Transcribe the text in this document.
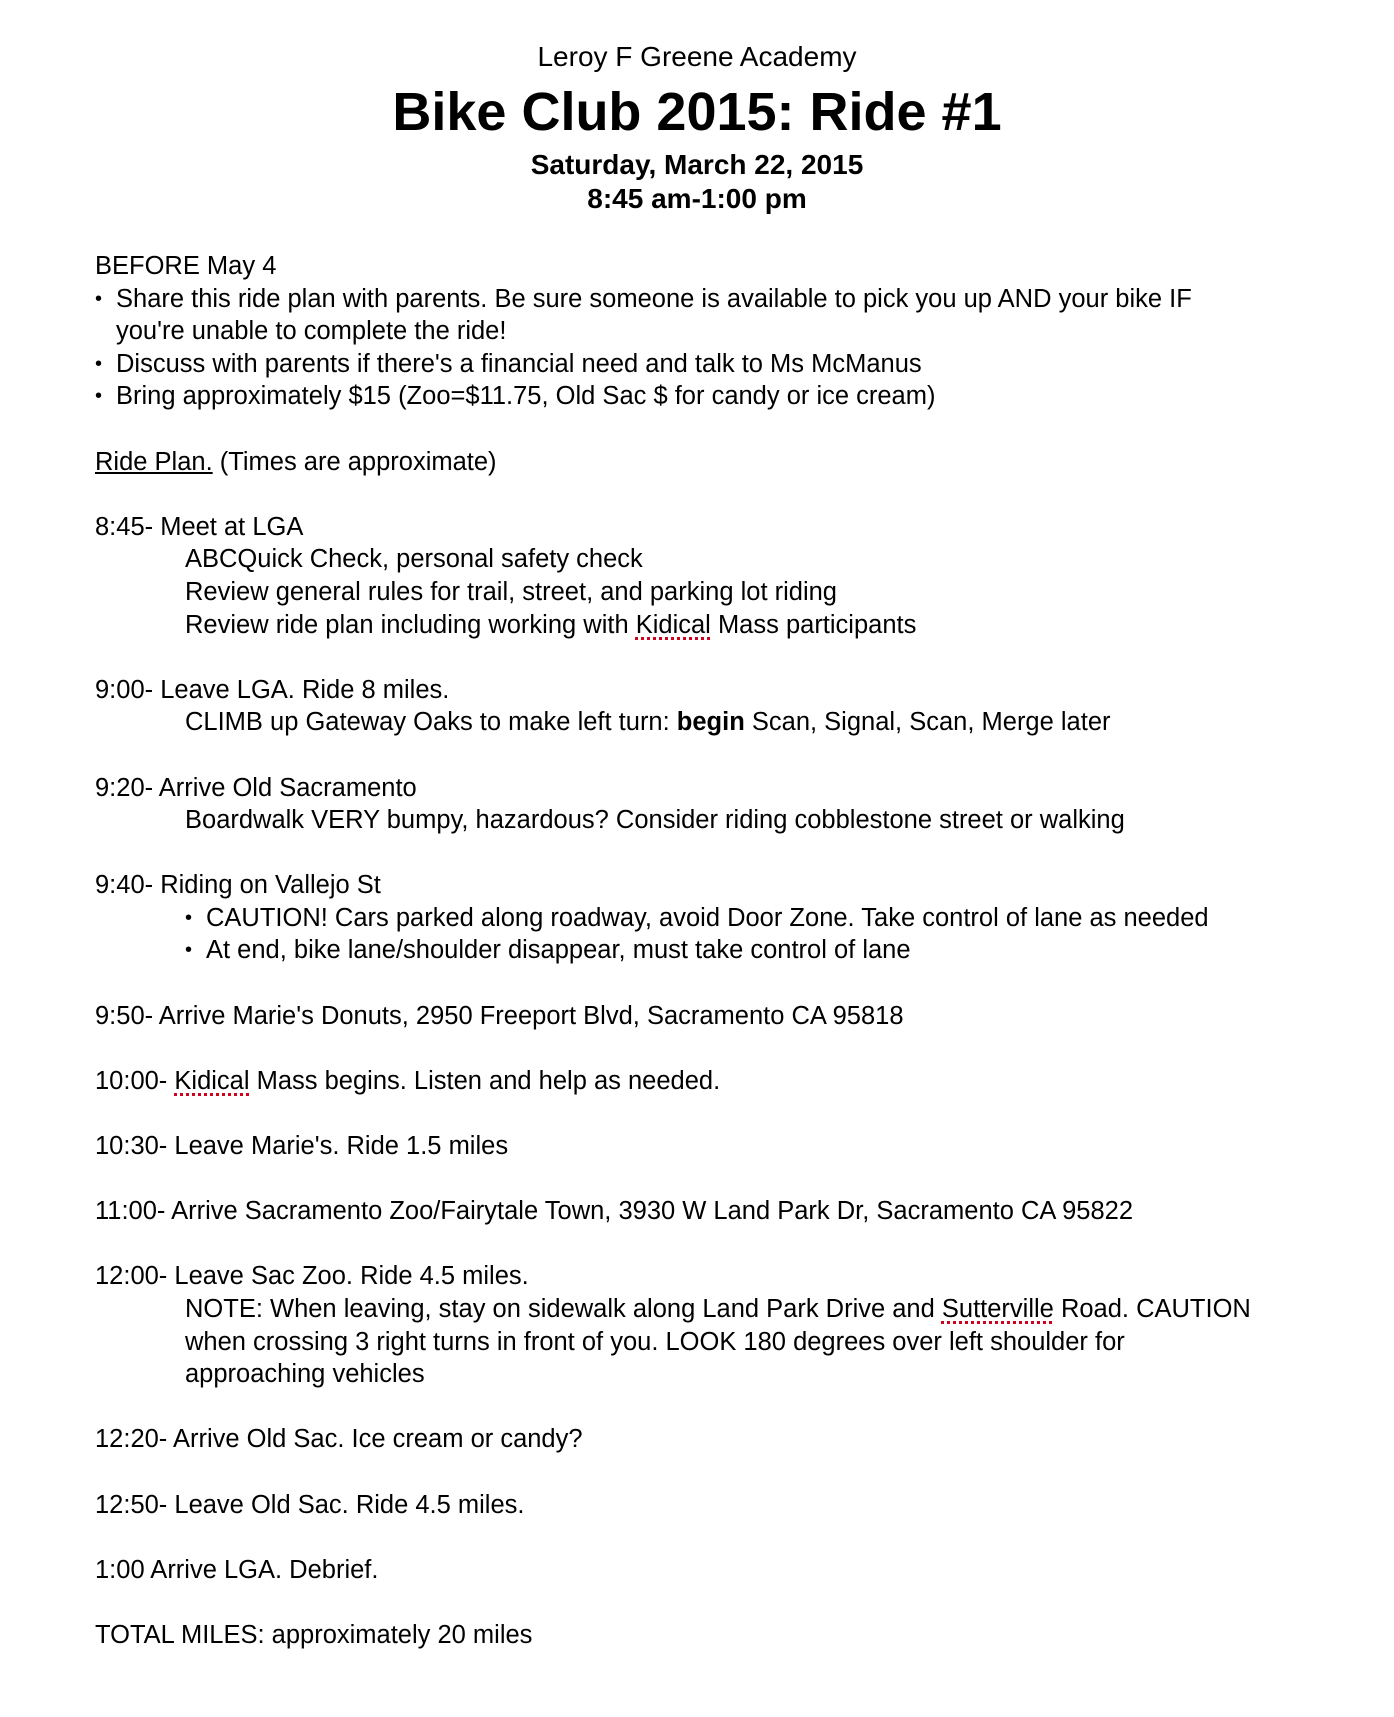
Leroy F Greene Academy
Bike Club 2015: Ride #1
Saturday, March 22, 2015
8:45 am-1:00 pm
BEFORE May 4
• Share this ride plan with parents. Be sure someone is available to pick you up AND your bike IF
you're unable to complete the ride!
• Discuss with parents if there's a financial need and talk to Ms McManus
• Bring approximately $15 (Zoo=$11.75, Old Sac $ for candy or ice cream)
Ride Plan. (Times are approximate)
8:45- Meet at LGA
ABCQuick Check, personal safety check
Review general rules for trail, street, and parking lot riding
Review ride plan including working with Kidical Mass participants
9:00- Leave LGA. Ride 8 miles.
CLIMB up Gateway Oaks to make left turn: begin Scan, Signal, Scan, Merge later
9:20- Arrive Old Sacramento
Boardwalk VERY bumpy, hazardous? Consider riding cobblestone street or walking
9:40- Riding on Vallejo St
• CAUTION! Cars parked along roadway, avoid Door Zone. Take control of lane as needed
• At end, bike lane/shoulder disappear, must take control of lane
9:50- Arrive Marie's Donuts, 2950 Freeport Blvd, Sacramento CA 95818
10:00- Kidical Mass begins. Listen and help as needed.
10:30- Leave Marie's. Ride 1.5 miles
11:00- Arrive Sacramento Zoo/Fairytale Town, 3930 W Land Park Dr, Sacramento CA 95822
12:00- Leave Sac Zoo. Ride 4.5 miles.
NOTE: When leaving, stay on sidewalk along Land Park Drive and Sutterville Road. CAUTION
when crossing 3 right turns in front of you. LOOK 180 degrees over left shoulder for
approaching vehicles
12:20- Arrive Old Sac. Ice cream or candy?
12:50- Leave Old Sac. Ride 4.5 miles.
1:00 Arrive LGA. Debrief.
TOTAL MILES: approximately 20 miles
